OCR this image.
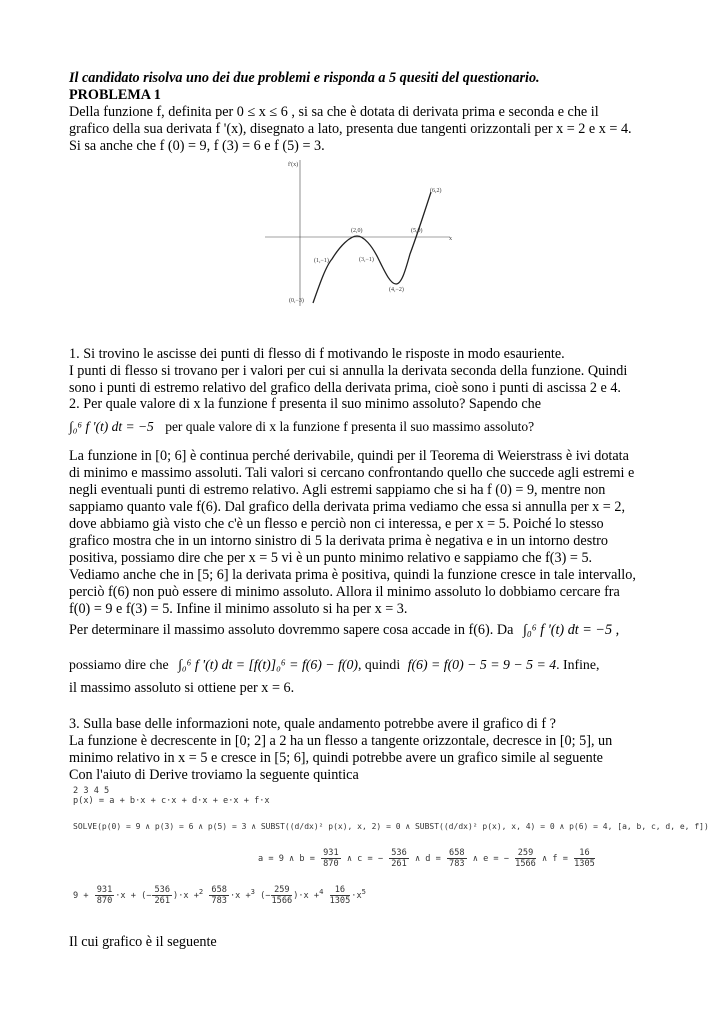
Il candidato risolva uno dei due problemi e risponda a 5 quesiti del questionario.
PROBLEMA 1
Della funzione f, definita per 0 ≤ x ≤ 6 , si sa che è dotata di derivata prima e seconda e che il
grafico della sua derivata f '(x), disegnato a lato, presenta due tangenti orizzontali per x = 2 e x = 4.
Si sa anche che f (0) = 9, f (3) = 6 e f (5) = 3.
f'(x)
x
(6,2)
(2,0)	(5,0)
(1,−1)	(3,−1)
(4,−2)
(0,−3)
1. Si trovino le ascisse dei punti di flesso di f motivando le risposte in modo esauriente.
I punti di flesso si trovano per i valori per cui si annulla la derivata seconda della funzione. Quindi
sono i punti di estremo relativo del grafico della derivata prima, cioè sono i punti di ascissa 2 e 4.
2. Per quale valore di x la funzione f presenta il suo minimo assoluto? Sapendo che
∫₀⁶ f '(t) dt = −5 per quale valore di x la funzione f presenta il suo massimo assoluto?
La funzione in [0; 6] è continua perché derivabile, quindi per il Teorema di Weierstrass è ivi dotata
di minimo e massimo assoluti. Tali valori si cercano confrontando quello che succede agli estremi e
negli eventuali punti di estremo relativo. Agli estremi sappiamo che si ha f (0) = 9, mentre non
sappiamo quanto vale f(6). Dal grafico della derivata prima vediamo che essa si annulla per x = 2,
dove abbiamo già visto che c'è un flesso e perciò non ci interessa, e per x = 5. Poiché lo stesso
grafico mostra che in un intorno sinistro di 5 la derivata prima è negativa e in un intorno destro
positiva, possiamo dire che per x = 5 vi è un punto minimo relativo e sappiamo che f(3) = 5.
Vediamo anche che in [5; 6] la derivata prima è positiva, quindi la funzione cresce in tale intervallo,
perciò f(6) non può essere di minimo assoluto. Allora il minimo assoluto lo dobbiamo cercare fra
f(0) = 9 e f(3) = 5. Infine il minimo assoluto si ha per x = 3.
Per determinare il massimo assoluto dovremmo sapere cosa accade in f(6). Da ∫₀⁶ f '(t) dt = −5 ,
possiamo dire che ∫₀⁶ f '(t) dt = [f(t)]₀⁶ = f(6) − f(0), quindi f(6) = f(0) − 5 = 9 − 5 = 4. Infine,
il massimo assoluto si ottiene per x = 6.
3. Sulla base delle informazioni note, quale andamento potrebbe avere il grafico di f ?
La funzione è decrescente in [0; 2] a 2 ha un flesso a tangente orizzontale, decresce in [0; 5], un
minimo relativo in x = 5 e cresce in [5; 6], quindi potrebbe avere un grafico simile al seguente
Con l'aiuto di Derive troviamo la seguente quintica
2 3 4 5
p(x) = a + b·x + c·x + d·x + e·x + f·x
SOLVE(p(0) = 9 ∧ p(3) = 6 ∧ p(5) = 3 ∧ SUBST((d/dx)² p(x), x, 2) = 0 ∧ SUBST((d/dx)² p(x), x, 4) = 0 ∧ p(6) = 4, [a, b, c, d, e, f])
a = 9 ∧ $b = \frac{931}{870}$ ∧ c = − $\frac{536}{261}$ ∧ $d = \frac{658}{783}$ ∧ e = − $\frac{259}{1566}$ ∧ $f = \frac{16}{1305}$
$9 + \frac{931}{870} \cdot x$ + (− $\frac{536}{261} )\cdot x +^2 \frac{658}{783} \cdot x +^3$ (− $\frac{259}{1566} )\cdot x +^4 \frac{16}{1305} \cdot x^5$
Il cui grafico è il seguente
